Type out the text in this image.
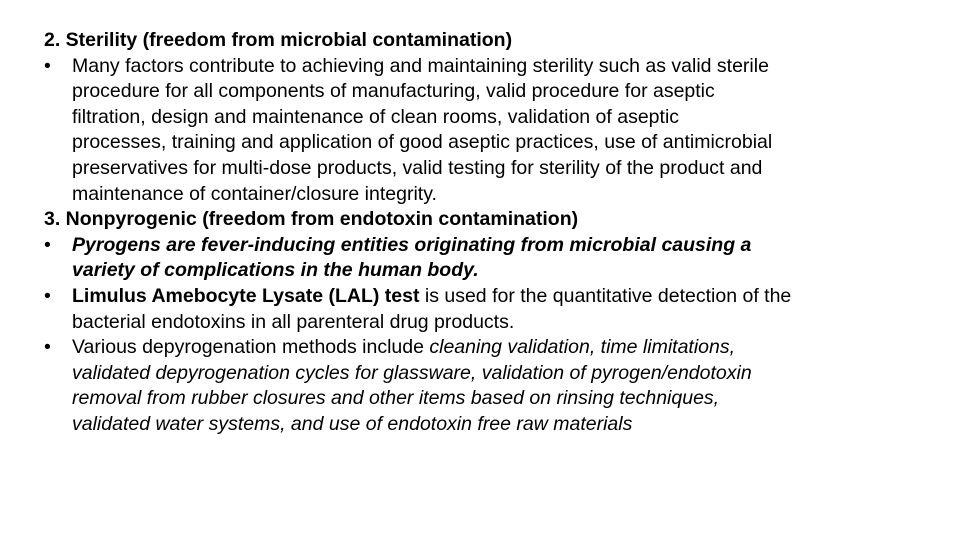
2. Sterility (freedom from microbial contamination)
•	Many factors contribute to achieving and maintaining sterility such as valid sterile
procedure for all components of manufacturing, valid procedure for aseptic
filtration, design and maintenance of clean rooms, validation of aseptic
processes, training and application of good aseptic practices, use of antimicrobial
preservatives for multi-dose products, valid testing for sterility of the product and
maintenance of container/closure integrity.
3. Nonpyrogenic (freedom from endotoxin contamination)
•	Pyrogens are fever-inducing entities originating from microbial causing a
variety of complications in the human body.
•	Limulus Amebocyte Lysate (LAL) test is used for the quantitative detection of the
bacterial endotoxins in all parenteral drug products.
•	Various depyrogenation methods include cleaning validation, time limitations,
validated depyrogenation cycles for glassware, validation of pyrogen/endotoxin
removal from rubber closures and other items based on rinsing techniques,
validated water systems, and use of endotoxin free raw materials
